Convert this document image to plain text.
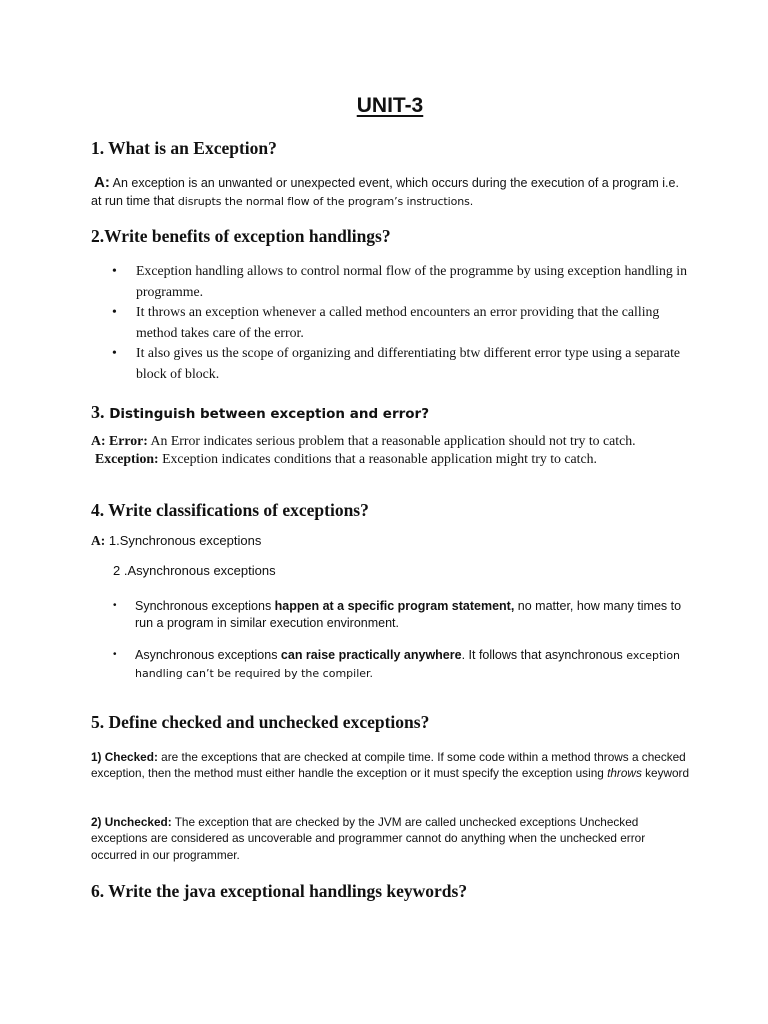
UNIT-3
1. What is an Exception?

A: An exception is an unwanted or unexpected event, which occurs during the execution of a program i.e. at run time that disrupts the normal flow of the program’s instructions.

2.Write benefits of exception handlings?
• Exception handling allows to control normal flow of the programme by using exception handling in programme.
• It throws an exception whenever a called method encounters an error providing that the calling method takes care of the error.
• It also gives us the scope of organizing and differentiating btw different error type using a separate block of block.
3. Distinguish between exception and error?
A: Error: An Error indicates serious problem that a reasonable application should not try to catch.
Exception: Exception indicates conditions that a reasonable application might try to catch.
4. Write classifications of exceptions?

A: 1.Synchronous exceptions

2 .Asynchronous exceptions

• Synchronous exceptions happen at a specific program statement, no matter, how many times to run a program in similar execution environment.
• Asynchronous exceptions can raise practically anywhere. It follows that asynchronous exception handling can’t be required by the compiler.
5. Define checked and unchecked exceptions?

1) Checked: are the exceptions that are checked at compile time. If some code within a method throws a checked exception, then the method must either handle the exception or it must specify the exception using throws keyword

2) Unchecked: The exception that are checked by the JVM are called unchecked exceptions Unchecked exceptions are considered as uncoverable and programmer cannot do anything when the unchecked error occurred in our programmer.

6. Write the java exceptional handlings keywords?
